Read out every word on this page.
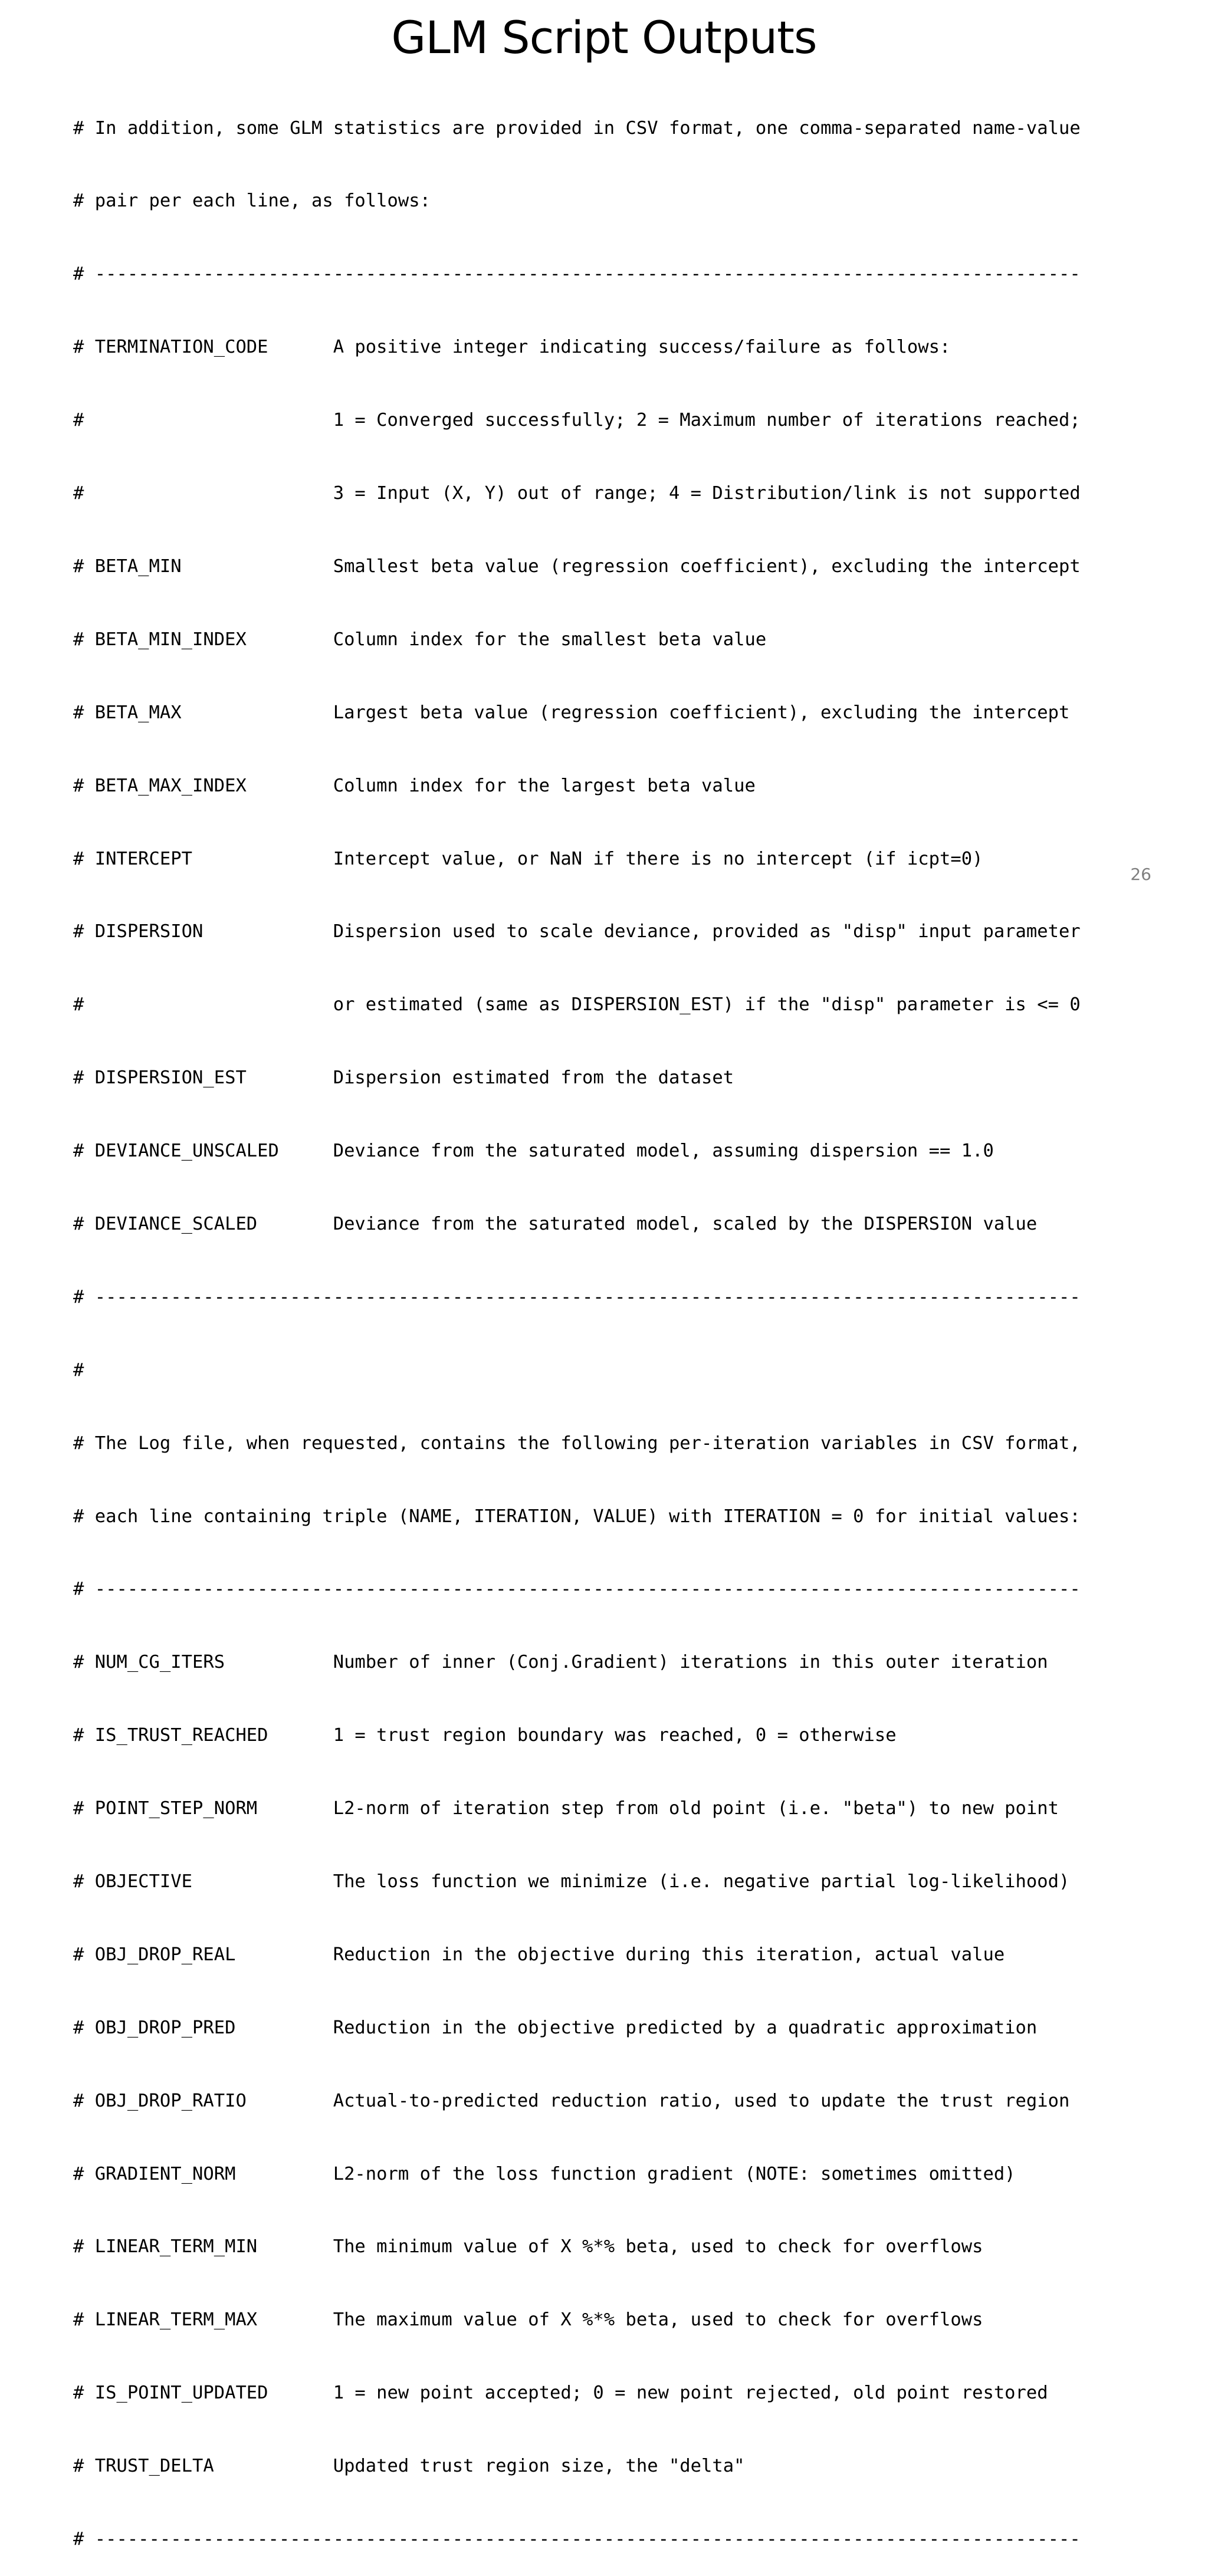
GLM Script Outputs

# In addition, some GLM statistics are provided in CSV format, one comma-separated name-value

# pair per each line, as follows:

# -------------------------------------------------------------------------------------------

# TERMINATION_CODE      A positive integer indicating success/failure as follows:

#                       1 = Converged successfully; 2 = Maximum number of iterations reached;

#                       3 = Input (X, Y) out of range; 4 = Distribution/link is not supported

# BETA_MIN              Smallest beta value (regression coefficient), excluding the intercept

# BETA_MIN_INDEX        Column index for the smallest beta value

# BETA_MAX              Largest beta value (regression coefficient), excluding the intercept

# BETA_MAX_INDEX        Column index for the largest beta value

# INTERCEPT             Intercept value, or NaN if there is no intercept (if icpt=0)

# DISPERSION            Dispersion used to scale deviance, provided as "disp" input parameter

#                       or estimated (same as DISPERSION_EST) if the "disp" parameter is <= 0

# DISPERSION_EST        Dispersion estimated from the dataset

# DEVIANCE_UNSCALED     Deviance from the saturated model, assuming dispersion == 1.0

# DEVIANCE_SCALED       Deviance from the saturated model, scaled by the DISPERSION value

# -------------------------------------------------------------------------------------------

#

# The Log file, when requested, contains the following per-iteration variables in CSV format,

# each line containing triple (NAME, ITERATION, VALUE) with ITERATION = 0 for initial values:

# -------------------------------------------------------------------------------------------

# NUM_CG_ITERS          Number of inner (Conj.Gradient) iterations in this outer iteration

# IS_TRUST_REACHED      1 = trust region boundary was reached, 0 = otherwise

# POINT_STEP_NORM       L2-norm of iteration step from old point (i.e. "beta") to new point

# OBJECTIVE             The loss function we minimize (i.e. negative partial log-likelihood)

# OBJ_DROP_REAL         Reduction in the objective during this iteration, actual value

# OBJ_DROP_PRED         Reduction in the objective predicted by a quadratic approximation

# OBJ_DROP_RATIO        Actual-to-predicted reduction ratio, used to update the trust region

# GRADIENT_NORM         L2-norm of the loss function gradient (NOTE: sometimes omitted)

# LINEAR_TERM_MIN       The minimum value of X %*% beta, used to check for overflows

# LINEAR_TERM_MAX       The maximum value of X %*% beta, used to check for overflows

# IS_POINT_UPDATED      1 = new point accepted; 0 = new point rejected, old point restored

# TRUST_DELTA           Updated trust region size, the "delta"

# -------------------------------------------------------------------------------------------

26
